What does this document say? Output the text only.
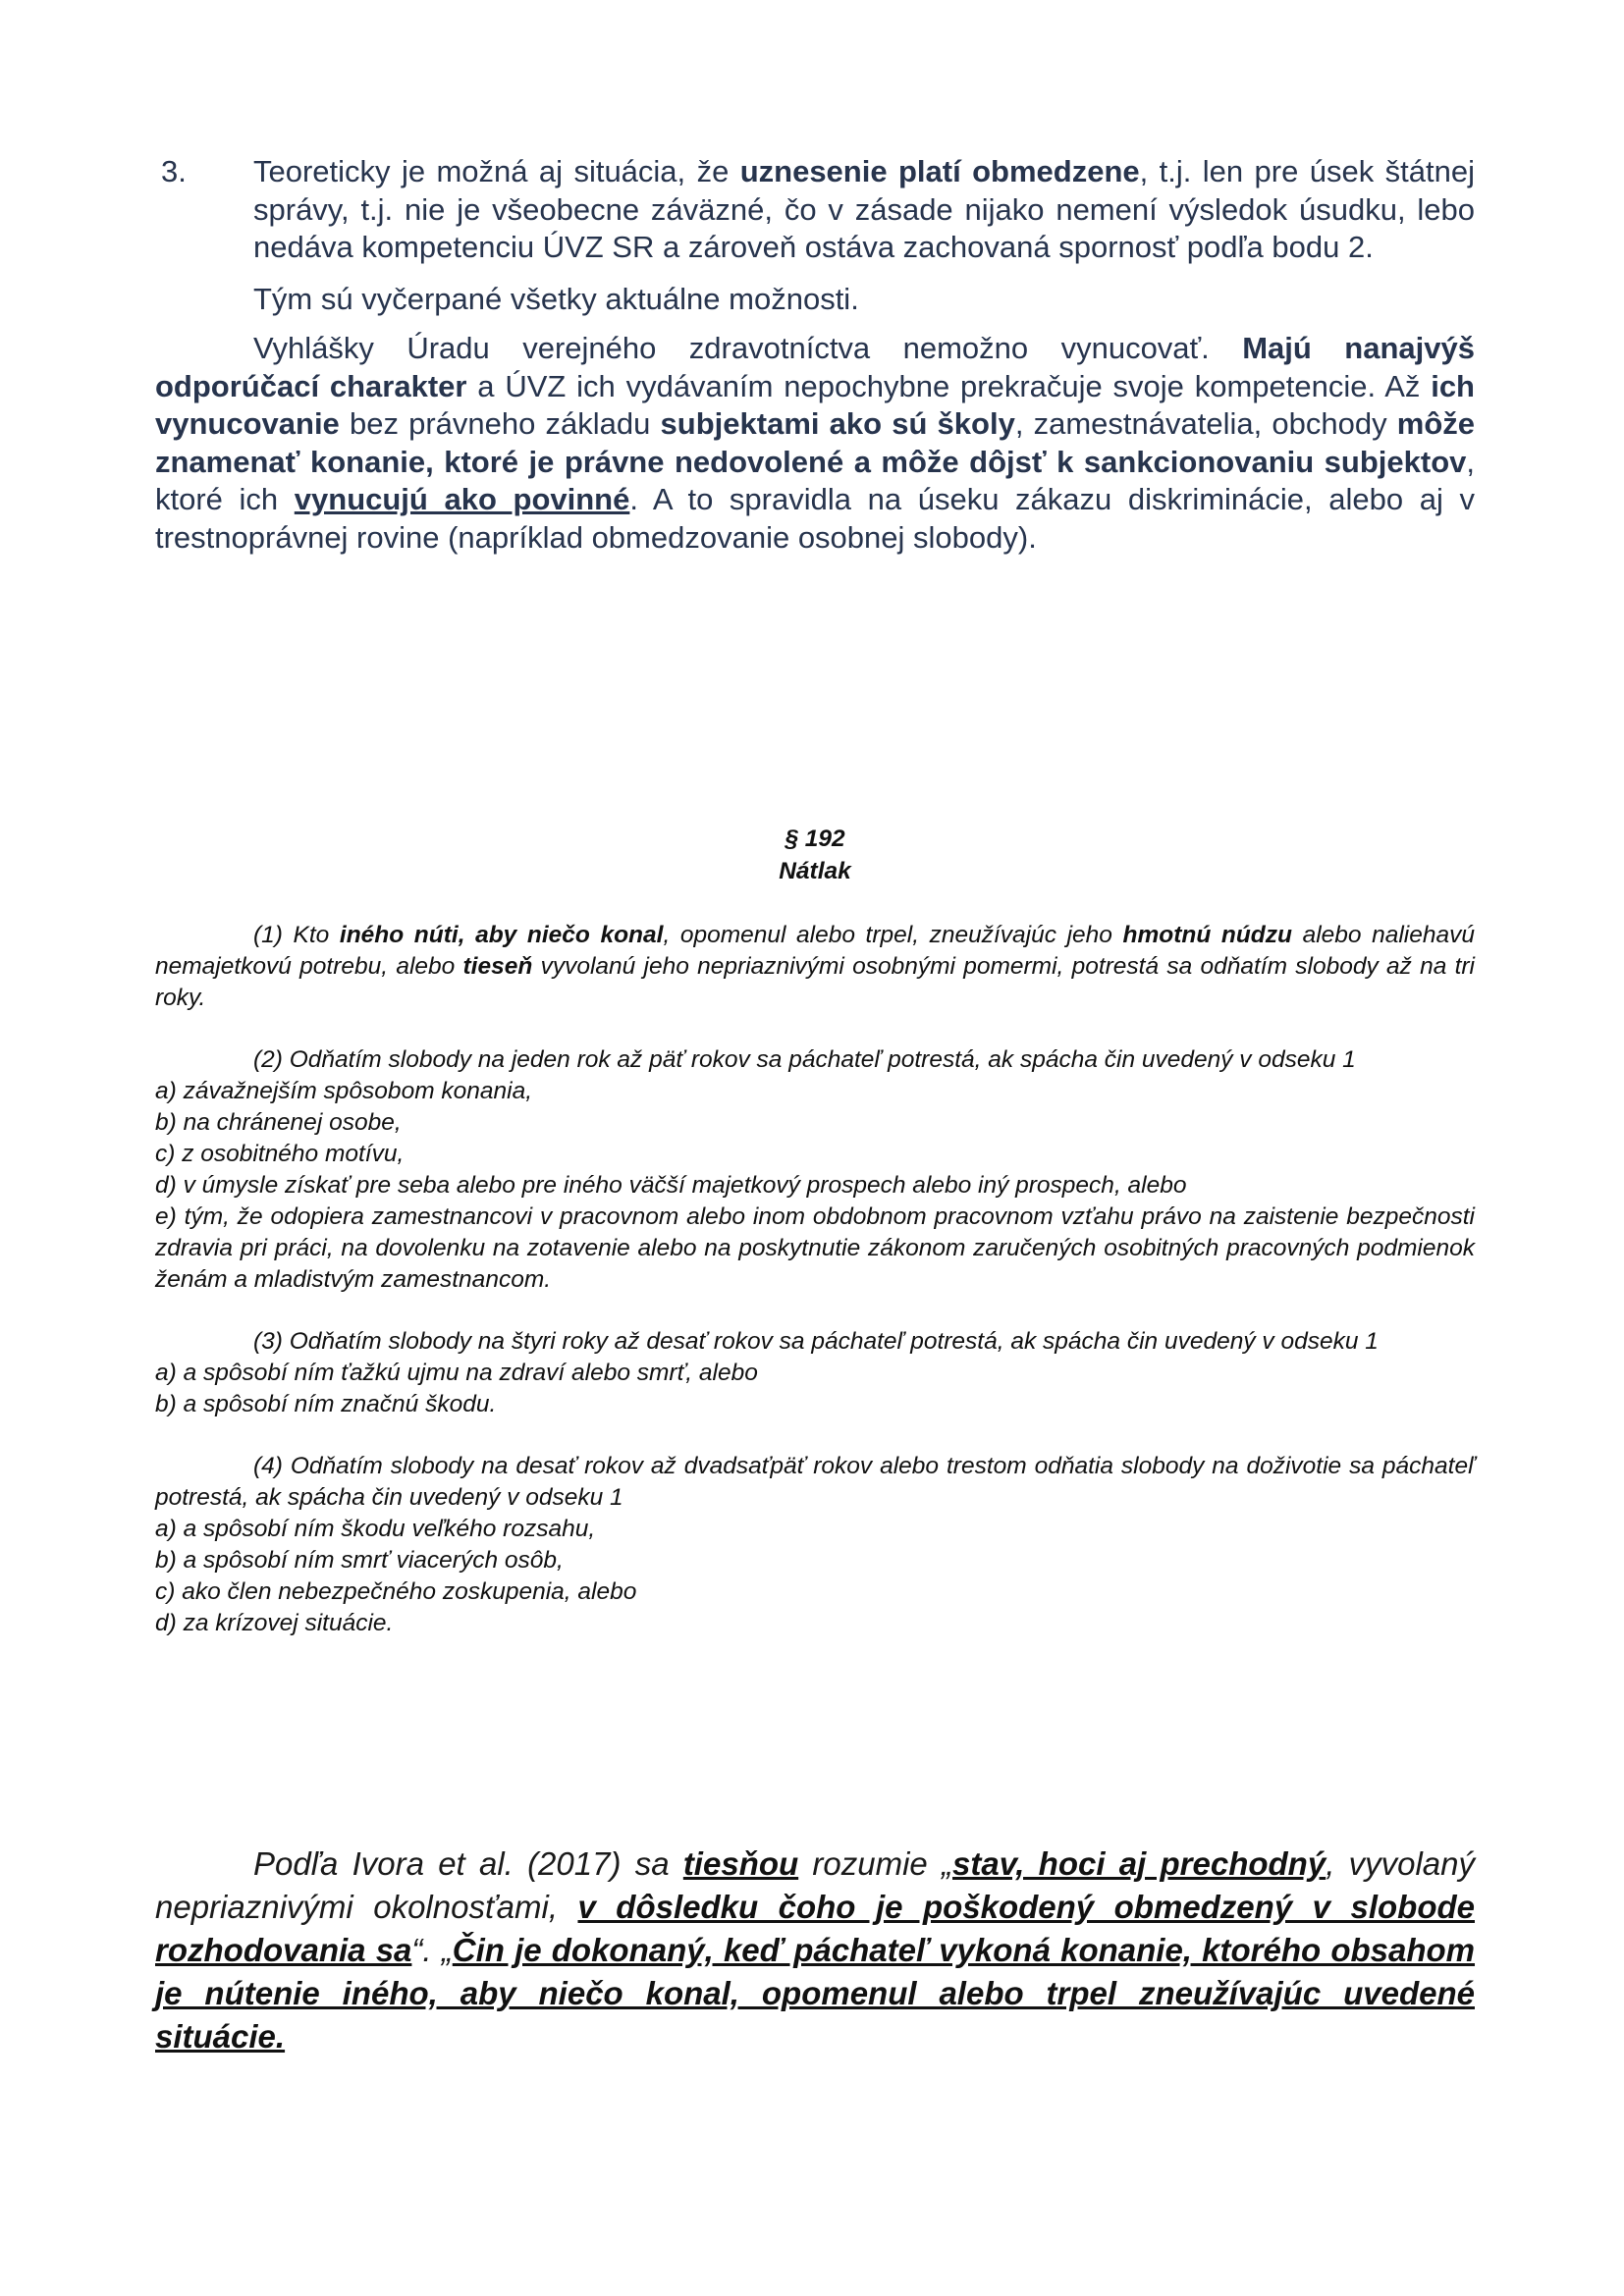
3. Teoreticky je možná aj situácia, že uznesenie platí obmedzene, t.j. len pre úsek štátnej správy, t.j. nie je všeobecne záväzné, čo v zásade nijako nemení výsledok úsudku, lebo nedáva kompetenciu ÚVZ SR a zároveň ostáva zachovaná spornosť podľa bodu 2.
Tým sú vyčerpané všetky aktuálne možnosti.
Vyhlášky Úradu verejného zdravotníctva nemožno vynucovať. Majú nanajvýš odporúčací charakter a ÚVZ ich vydávaním nepochybne prekračuje svoje kompetencie. Až ich vynucovanie bez právneho základu subjektami ako sú školy, zamestnávatelia, obchody môže znamenať konanie, ktoré je právne nedovolené a môže dôjsť k sankcionovaniu subjektov, ktoré ich vynucujú ako povinné. A to spravidla na úseku zákazu diskriminácie, alebo aj v trestnoprávnej rovine (napríklad obmedzovanie osobnej slobody).
§ 192
Nátlak
(1) Kto iného núti, aby niečo konal, opomenul alebo trpel, zneužívajúc jeho hmotnú núdzu alebo naliehavú nemajetkovú potrebu, alebo tieseň vyvolanú jeho nepriaznivými osobnými pomermi, potrestá sa odňatím slobody až na tri roky.
(2) Odňatím slobody na jeden rok až päť rokov sa páchateľ potrestá, ak spácha čin uvedený v odseku 1
a) závažnejším spôsobom konania,
b) na chránenej osobe,
c) z osobitného motívu,
d) v úmysle získať pre seba alebo pre iného väčší majetkový prospech alebo iný prospech, alebo
e) tým, že odopiera zamestnancovi v pracovnom alebo inom obdobnom pracovnom vzťahu právo na zaistenie bezpečnosti zdravia pri práci, na dovolenku na zotavenie alebo na poskytnutie zákonom zaručených osobitných pracovných podmienok ženám a mladistvým zamestnancom.
(3) Odňatím slobody na štyri roky až desať rokov sa páchateľ potrestá, ak spácha čin uvedený v odseku 1
a) a spôsobí ním ťažkú ujmu na zdraví alebo smrť, alebo
b) a spôsobí ním značnú škodu.
(4) Odňatím slobody na desať rokov až dvadsaťpäť rokov alebo trestom odňatia slobody na doživotie sa páchateľ potrestá, ak spácha čin uvedený v odseku 1
a) a spôsobí ním škodu veľkého rozsahu,
b) a spôsobí ním smrť viacerých osôb,
c) ako člen nebezpečného zoskupenia, alebo
d) za krízovej situácie.
Podľa Ivora et al. (2017) sa tiesňou rozumie „stav, hoci aj prechodný, vyvolaný nepriaznivými okolnosťami, v dôsledku čoho je poškodený obmedzený v slobode rozhodovania sa“. „Čin je dokonaný, keď páchateľ vykoná konanie, ktorého obsahom je nútenie iného, aby niečo konal, opomenul alebo trpel zneužívajúc uvedené situácie.
